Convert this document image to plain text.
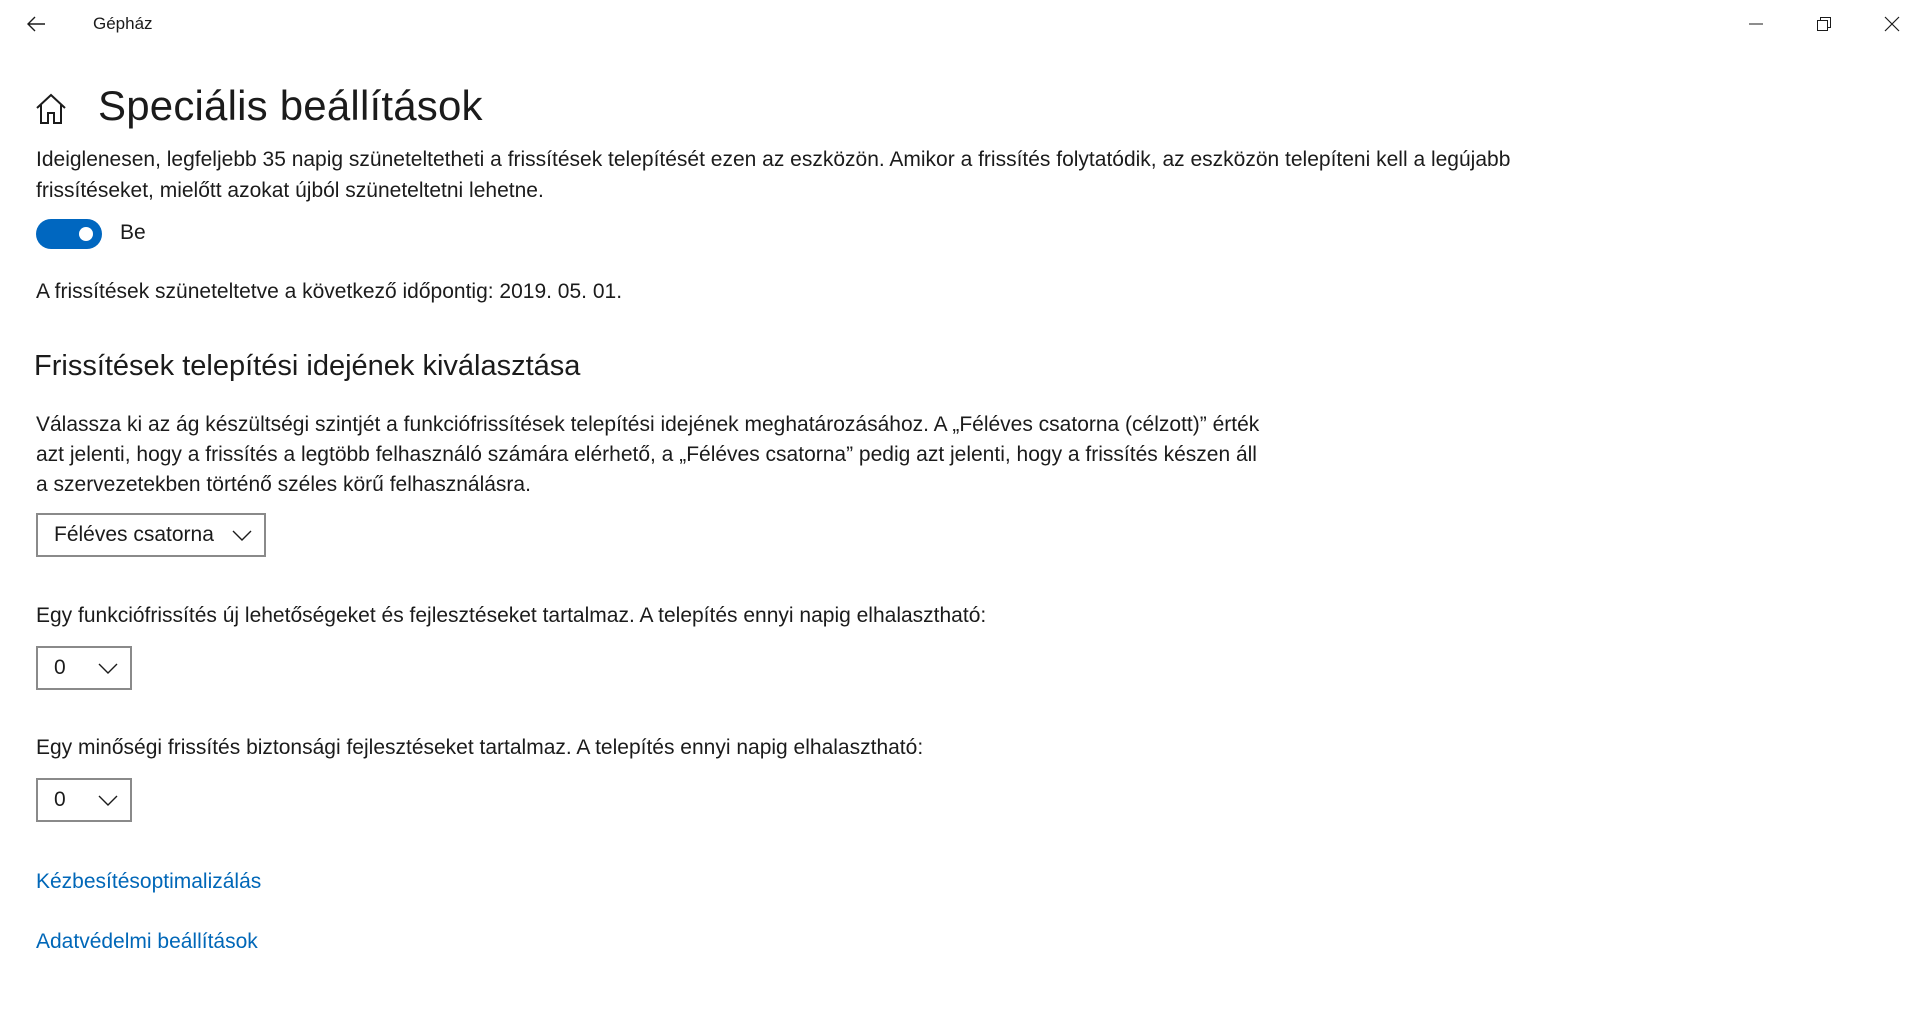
Gépház
Speciális beállítások

Ideiglenesen, legfeljebb 35 napig szüneteltetheti a frissítések telepítését ezen az eszközön. Amikor a frissítés folytatódik, az eszközön telepíteni kell a legújabb frissítéseket, mielőtt azokat újból szüneteltetni lehetne.

Be

A frissítések szüneteltetve a következő időpontig: 2019. 05. 01.

Frissítések telepítési idejének kiválasztása

Válassza ki az ág készültségi szintjét a funkciófrissítések telepítési idejének meghatározásához. A „Féléves csatorna (célzott)” érték azt jelenti, hogy a frissítés a legtöbb felhasználó számára elérhető, a „Féléves csatorna” pedig azt jelenti, hogy a frissítés készen áll a szervezetekben történő széles körű felhasználásra.

Féléves csatorna

Egy funkciófrissítés új lehetőségeket és fejlesztéseket tartalmaz. A telepítés ennyi napig elhalasztható:

0

Egy minőségi frissítés biztonsági fejlesztéseket tartalmaz. A telepítés ennyi napig elhalasztható:

0
Kézbesítésoptimalizálás
Adatvédelmi beállítások
